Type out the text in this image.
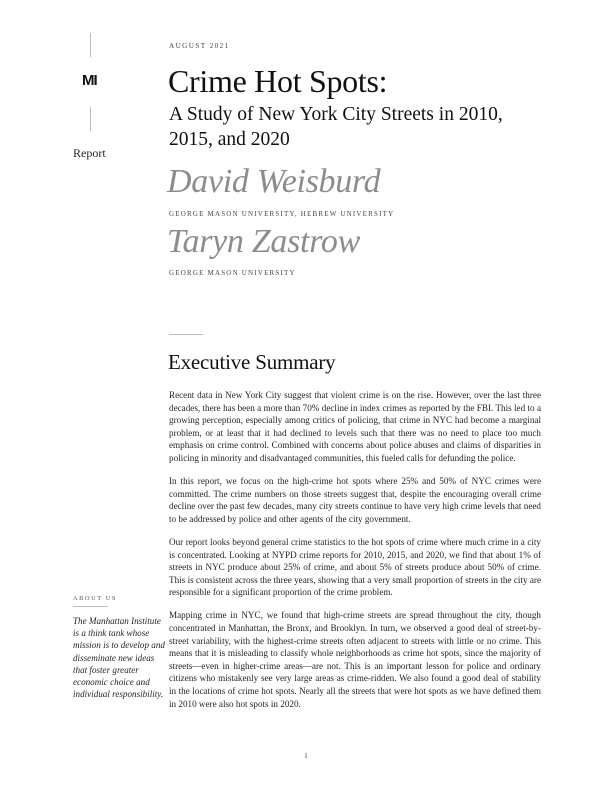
MI
Report
AUGUST 2021
Crime Hot Spots:
A Study of New York City Streets in 2010, 2015, and 2020
David Weisburd
GEORGE MASON UNIVERSITY, HEBREW UNIVERSITY
Taryn Zastrow
GEORGE MASON UNIVERSITY
Executive Summary

Recent data in New York City suggest that violent crime is on the rise. However, over the last three decades, there has been a more than 70% decline in index crimes as reported by the FBI. This led to a growing perception, especially among critics of policing, that crime in NYC had become a marginal problem, or at least that it had declined to levels such that there was no need to place too much emphasis on crime control. Combined with concerns about police abuses and claims of disparities in policing in minority and disadvantaged communities, this fueled calls for defunding the police.

In this report, we focus on the high-crime hot spots where 25% and 50% of NYC crimes were committed. The crime numbers on those streets suggest that, despite the encouraging overall crime decline over the past few decades, many city streets continue to have very high crime levels that need to be addressed by police and other agents of the city government.

Our report looks beyond general crime statistics to the hot spots of crime where much crime in a city is concentrated. Looking at NYPD crime reports for 2010, 2015, and 2020, we find that about 1% of streets in NYC produce about 25% of crime, and about 5% of streets produce about 50% of crime. This is consistent across the three years, showing that a very small proportion of streets in the city are responsible for a significant proportion of the crime problem.

Mapping crime in NYC, we found that high-crime streets are spread throughout the city, though concentrated in Manhattan, the Bronx, and Brooklyn. In turn, we observed a good deal of street-by-street variability, with the highest-crime streets often adjacent to streets with little or no crime. This means that it is misleading to classify whole neighborhoods as crime hot spots, since the majority of streets—even in higher-crime areas—are not. This is an important lesson for police and ordinary citizens who mistakenly see very large areas as crime-ridden. We also found a good deal of stability in the locations of crime hot spots. Nearly all the streets that were hot spots as we have defined them in 2010 were also hot spots in 2020.

ABOUT US
The Manhattan Institute is a think tank whose mission is to develop and disseminate new ideas that foster greater economic choice and individual responsibility.
1
